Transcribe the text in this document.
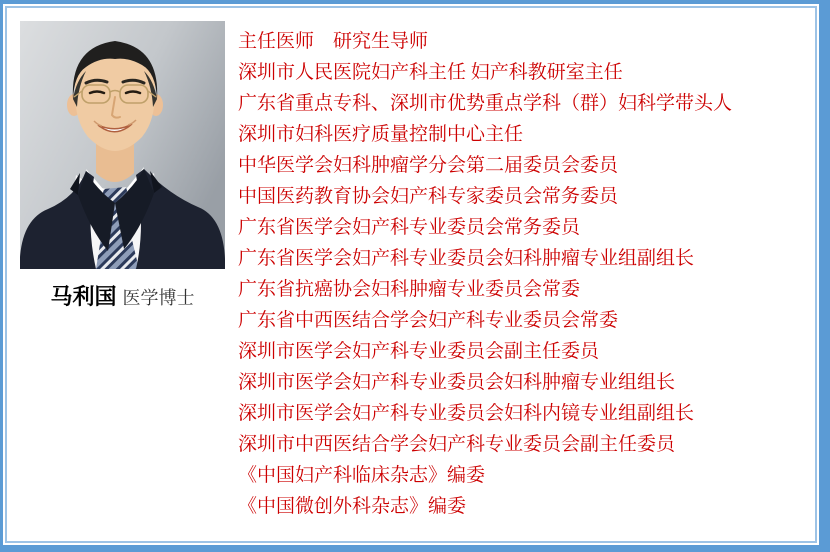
马利国 医学博士
主任医师　研究生导师
深圳市人民医院妇产科主任 妇产科教研室主任
广东省重点专科、深圳市优势重点学科（群）妇科学带头人
深圳市妇科医疗质量控制中心主任
中华医学会妇科肿瘤学分会第二届委员会委员
中国医药教育协会妇产科专家委员会常务委员
广东省医学会妇产科专业委员会常务委员
广东省医学会妇产科专业委员会妇科肿瘤专业组副组长
广东省抗癌协会妇科肿瘤专业委员会常委
广东省中西医结合学会妇产科专业委员会常委
深圳市医学会妇产科专业委员会副主任委员
深圳市医学会妇产科专业委员会妇科肿瘤专业组组长
深圳市医学会妇产科专业委员会妇科内镜专业组副组长
深圳市中西医结合学会妇产科专业委员会副主任委员
《中国妇产科临床杂志》编委
《中国微创外科杂志》编委
